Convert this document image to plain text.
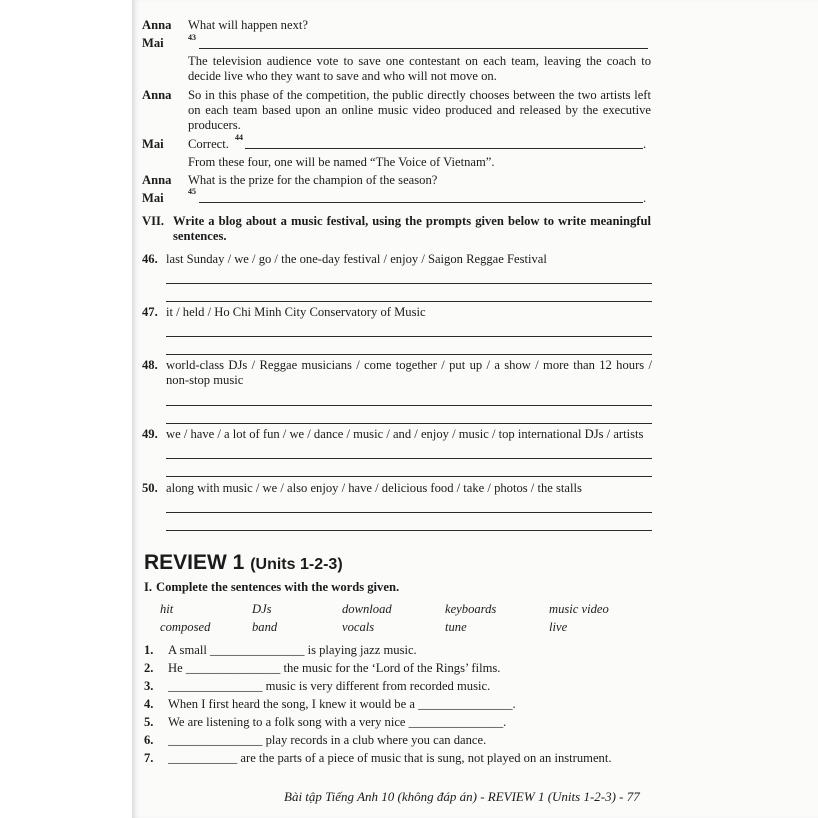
Anna What will happen next?
Mai	43
The television audience vote to save one contestant on each team, leaving the coach to decide live who they want to save and who will not move on.
Anna So in this phase of the competition, the public directly chooses between the two artists left on each team based upon an online music video produced and released by the executive producers.
Mai Correct. 44	.
From these four, one will be named “The Voice of Vietnam”.
Anna What is the prize for the champion of the season?
Mai	45	.
VII. Write a blog about a music festival, using the prompts given below to write meaningful sentences.
46. last Sunday / we / go / the one-day festival / enjoy / Saigon Reggae Festival
47. it / held / Ho Chi Minh City Conservatory of Music
48. world-class DJs / Reggae musicians / come together / put up / a show / more than 12 hours / non-stop music
49. we / have / a lot of fun / we / dance / music / and / enjoy / music / top international DJs / artists
50. along with music / we / also enjoy / have / delicious food / take / photos / the stalls
REVIEW 1 (Units 1-2-3)
I. Complete the sentences with the words given.
hit	DJs	download	keyboards	music video
composed	band	vocals	tune	live
1. A small _______________ is playing jazz music.
2. He _______________ the music for the ‘Lord of the Rings’ films.
3. _______________ music is very different from recorded music.
4. When I first heard the song, I knew it would be a _______________.
5. We are listening to a folk song with a very nice _______________.
6. _______________ play records in a club where you can dance.
7. ___________ are the parts of a piece of music that is sung, not played on an instrument.
Bài tập Tiếng Anh 10 (không đáp án) - REVIEW 1 (Units 1-2-3) - 77
